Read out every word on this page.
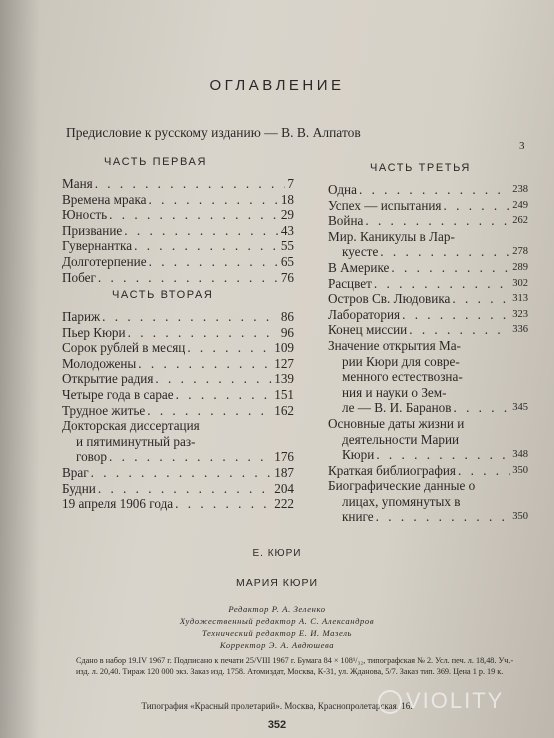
ОГЛАВЛЕНИЕ
Предисловие к русскому изданию — В. В. Алпатов
3
ЧАСТЬ ПЕРВАЯ
Маня . . .	7
Времена мрака . . .	18
Юность . . .	29
Призвание . . .	43
Гувернантка . . .	55
Долготерпение . . .	65
Побег . . .	76
ЧАСТЬ ВТОРАЯ
Париж . . .	86
Пьер Кюри . . .	96
Сорок рублей в месяц . . .	109
Молодожены . . .	127
Открытие радия . . .	139
Четыре года в сарае . . .	151
Трудное житье . . .	162
Докторская диссертация
и пятиминутный раз-
говор . . .	176
Враг . . .	187
Будни . . .	204
19 апреля 1906 года . . .	222
ЧАСТЬ ТРЕТЬЯ
Одна . . .	238
Успех — испытания . . .	249
Война . . .	262
Мир. Каникулы в Лар-
куесте . . .	278
В Америке . . .	289
Расцвет . . .	302
Остров Св. Людовика . . .	313
Лаборатория . . .	323
Конец миссии . . .	336
Значение открытия Ма-
рии Кюри для совре-
менного естествозна-
ния и науки о Зем-
ле — В. И. Баранов . . .	345
Основные даты жизни и
деятельности Марии
Кюри . . .	348
Краткая библиография . . .	350
Биографические данные о
лицах, упомянутых в
книге . . .	350
Е. КЮРИ
МАРИЯ КЮРИ
Редактор Р. А. Зеленко
Художественный редактор А. С. Александров
Технический редактор Е. И. Мазель
Корректор Э. А. Авдюшева
Сдано в набор 19.IV 1967 г. Подписано к печати 25/VIII 1967 г. Бумага 84 × 108¹/₃₂, типографская № 2. Усл. печ. л. 18,48. Уч.-изд. л. 20,40. Тираж 120 000 экз. Заказ изд. 1758. Атомиздат, Москва, К-31, ул. Жданова, 5/7. Заказ тип. 369. Цена 1 р. 19 к.
Типография «Красный пролетарий». Москва, Краснопролетарская, 16.
352
VIOLITY
